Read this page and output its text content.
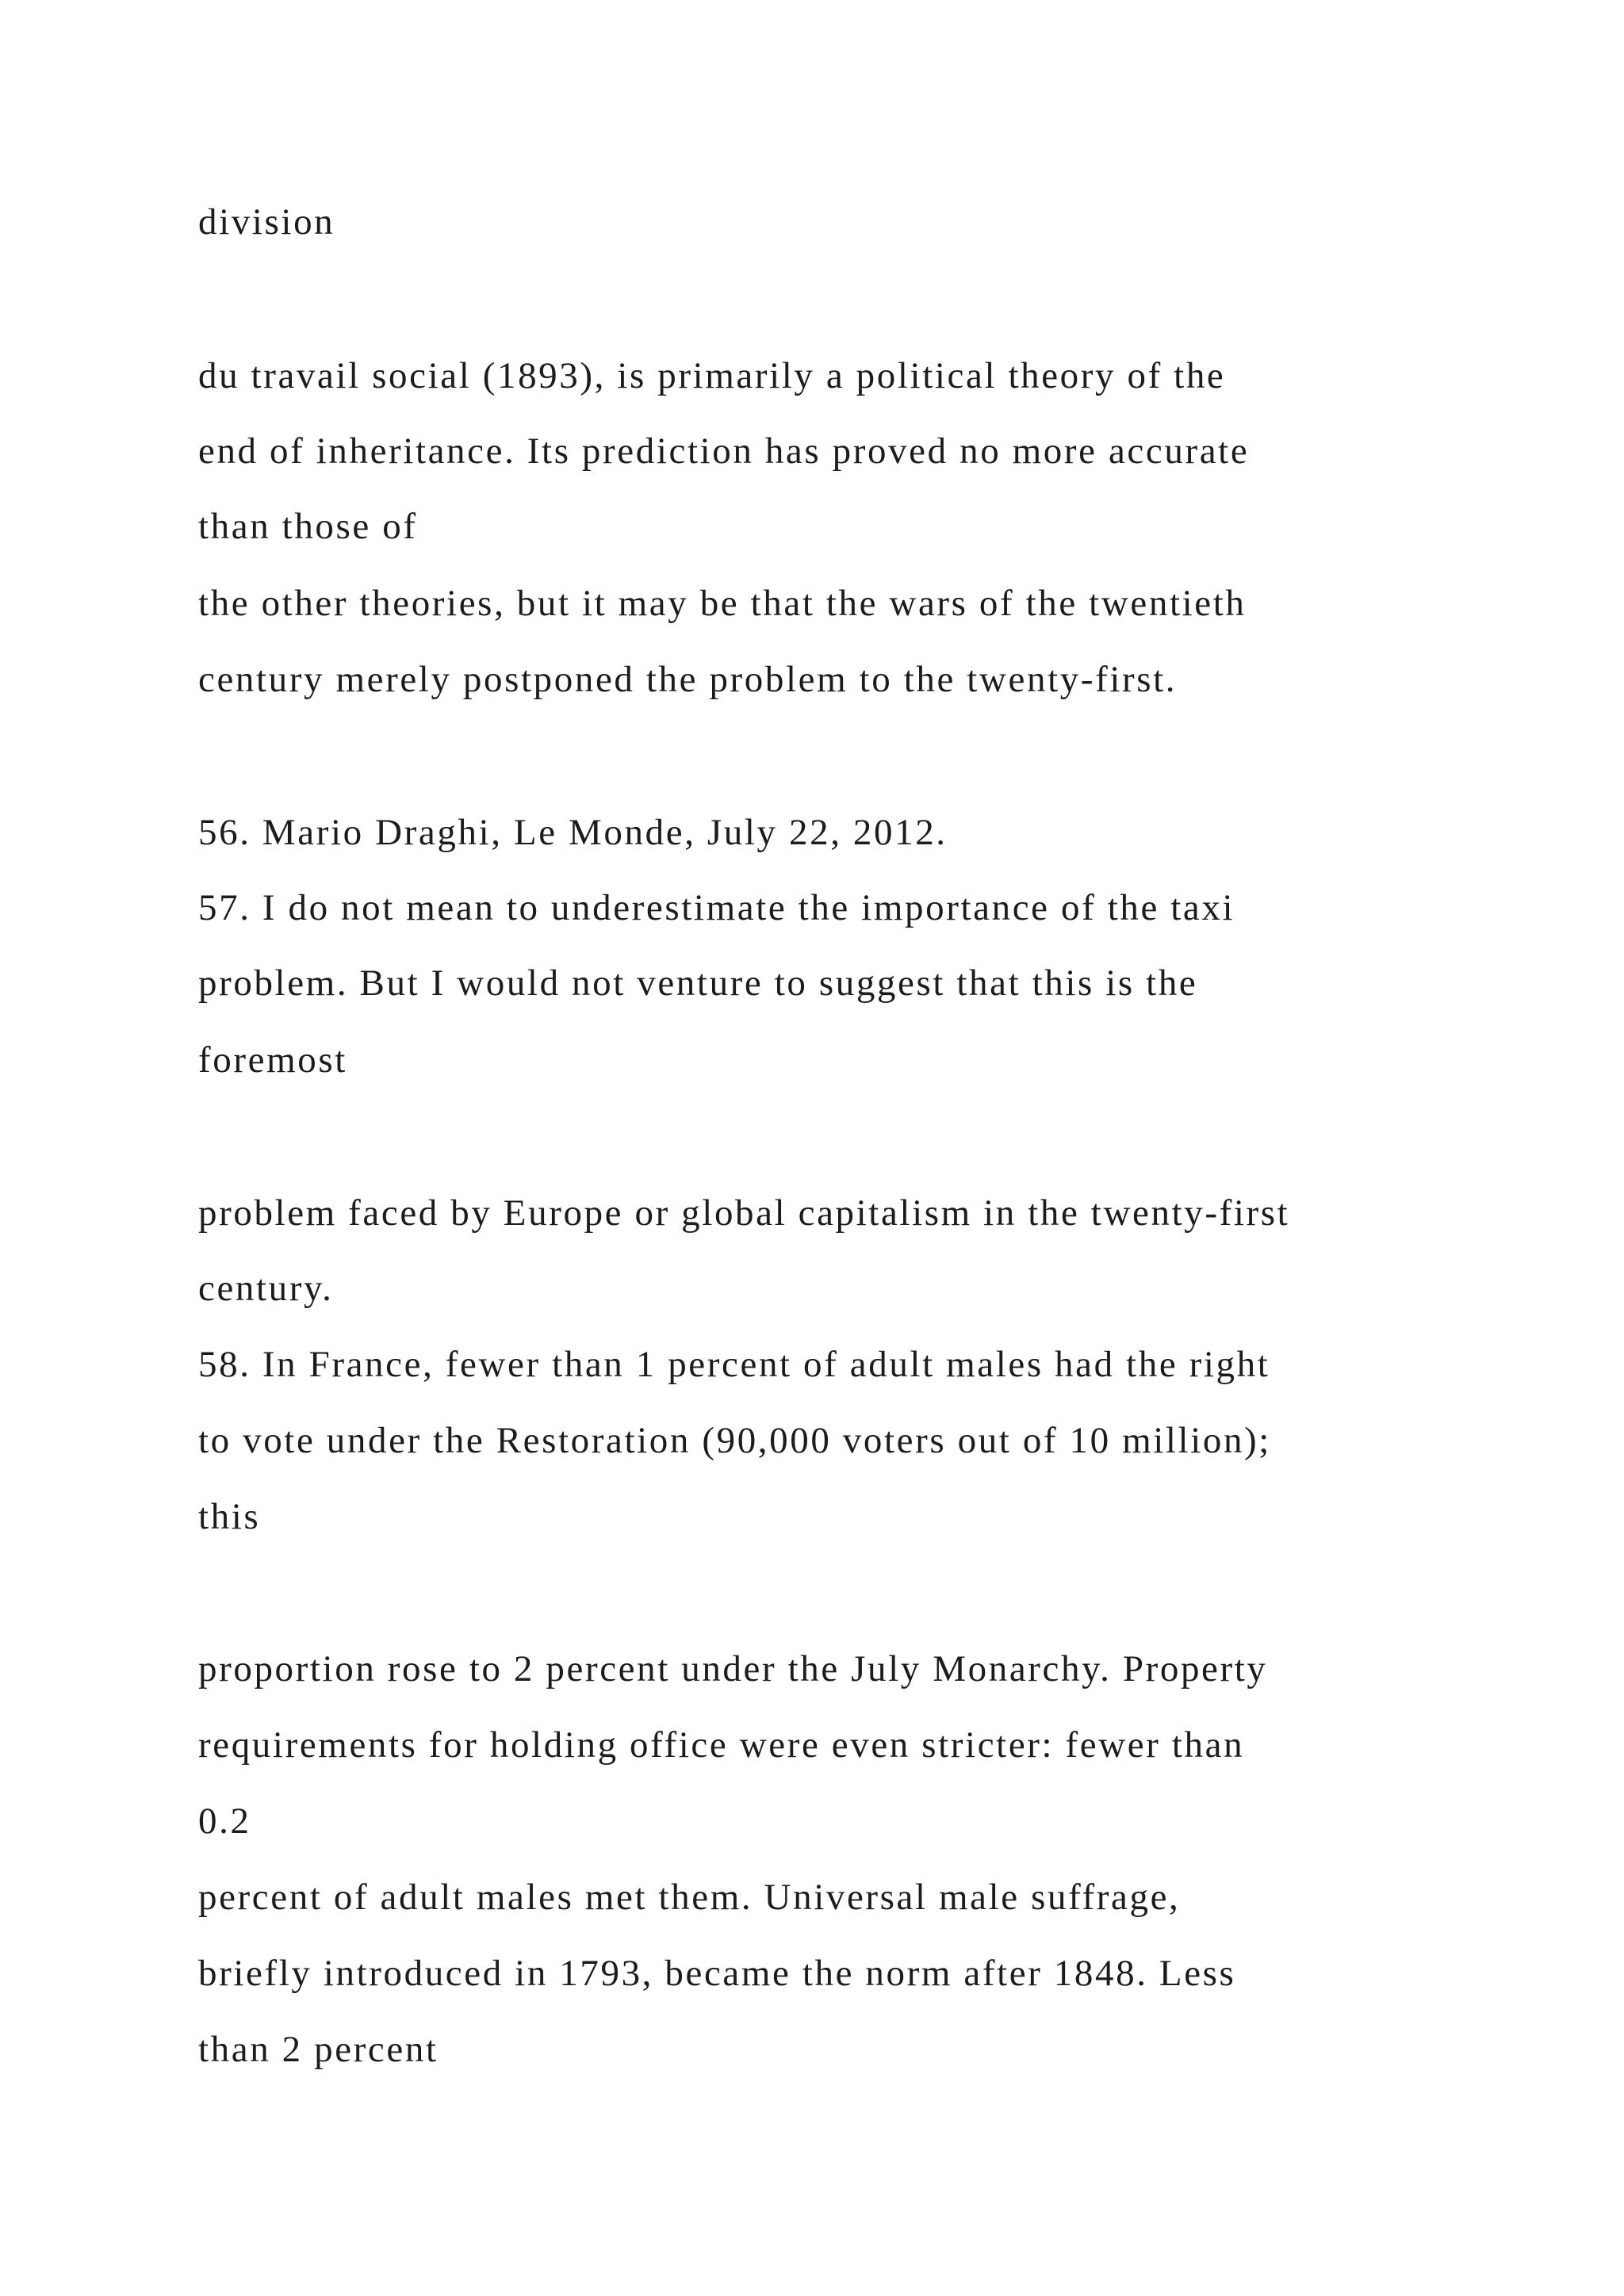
division

du travail social (1893), is primarily a political theory of the

end of inheritance. Its prediction has proved no more accurate

than those of

the other theories, but it may be that the wars of the twentieth

century merely postponed the problem to the twenty-first.

56. Mario Draghi, Le Monde, July 22, 2012.

57. I do not mean to underestimate the importance of the taxi

problem. But I would not venture to suggest that this is the

foremost

problem faced by Europe or global capitalism in the twenty-first

century.

58. In France, fewer than 1 percent of adult males had the right

to vote under the Restoration (90,000 voters out of 10 million);

this

proportion rose to 2 percent under the July Monarchy. Property

requirements for holding office were even stricter: fewer than

0.2

percent of adult males met them. Universal male suffrage,

briefly introduced in 1793, became the norm after 1848. Less

than 2 percent
